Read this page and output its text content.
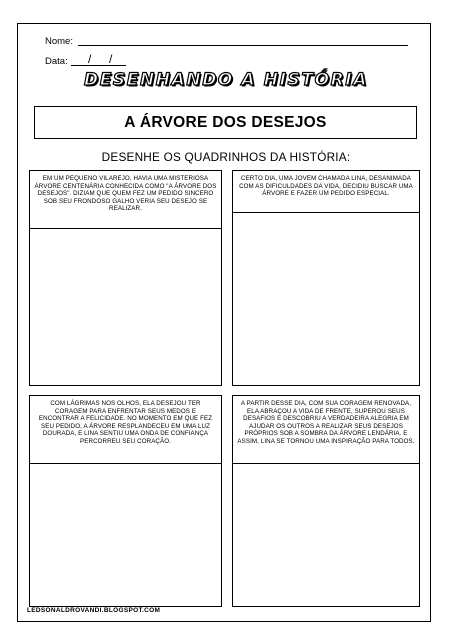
Nome:
Data: / /
DESENHANDO A HISTÓRIA
A ÁRVORE DOS DESEJOS
DESENHE OS QUADRINHOS DA HISTÓRIA:
EM UM PEQUENO VILAREJO, HAVIA UMA MISTERIOSA ÁRVORE CENTENÁRIA CONHECIDA COMO "A ÁRVORE DOS DESEJOS". DIZIAM QUE QUEM FEZ UM PEDIDO SINCERO SOB SEU FRONDOSO GALHO VERIA SEU DESEJO SE REALIZAR.
CERTO DIA, UMA JOVEM CHAMADA LINA, DESANIMADA COM AS DIFICULDADES DA VIDA, DECIDIU BUSCAR UMA ÁRVORE E FAZER UM PEDIDO ESPECIAL.
COM LÁGRIMAS NOS OLHOS, ELA DESEJOU TER CORAGEM PARA ENFRENTAR SEUS MEDOS E ENCONTRAR A FELICIDADE. NO MOMENTO EM QUE FEZ SEU PEDIDO, A ÁRVORE RESPLANDECEU EM UMA LUZ DOURADA, E LINA SENTIU UMA ONDA DE CONFIANÇA PERCORREU SEU CORAÇÃO.
A PARTIR DESSE DIA, COM SUA CORAGEM RENOVADA, ELA ABRAÇOU A VIDA DE FRENTE, SUPEROU SEUS DESAFIOS E DESCOBRIU A VERDADEIRA ALEGRIA EM AJUDAR OS OUTROS A REALIZAR SEUS DESEJOS PRÓPRIOS SOB A SOMBRA DA ÁRVORE LENDÁRIA. E ASSIM, LINA SE TORNOU UMA INSPIRAÇÃO PARA TODOS.
LEDSONALDROVANDI.BLOGSPOT.COM
